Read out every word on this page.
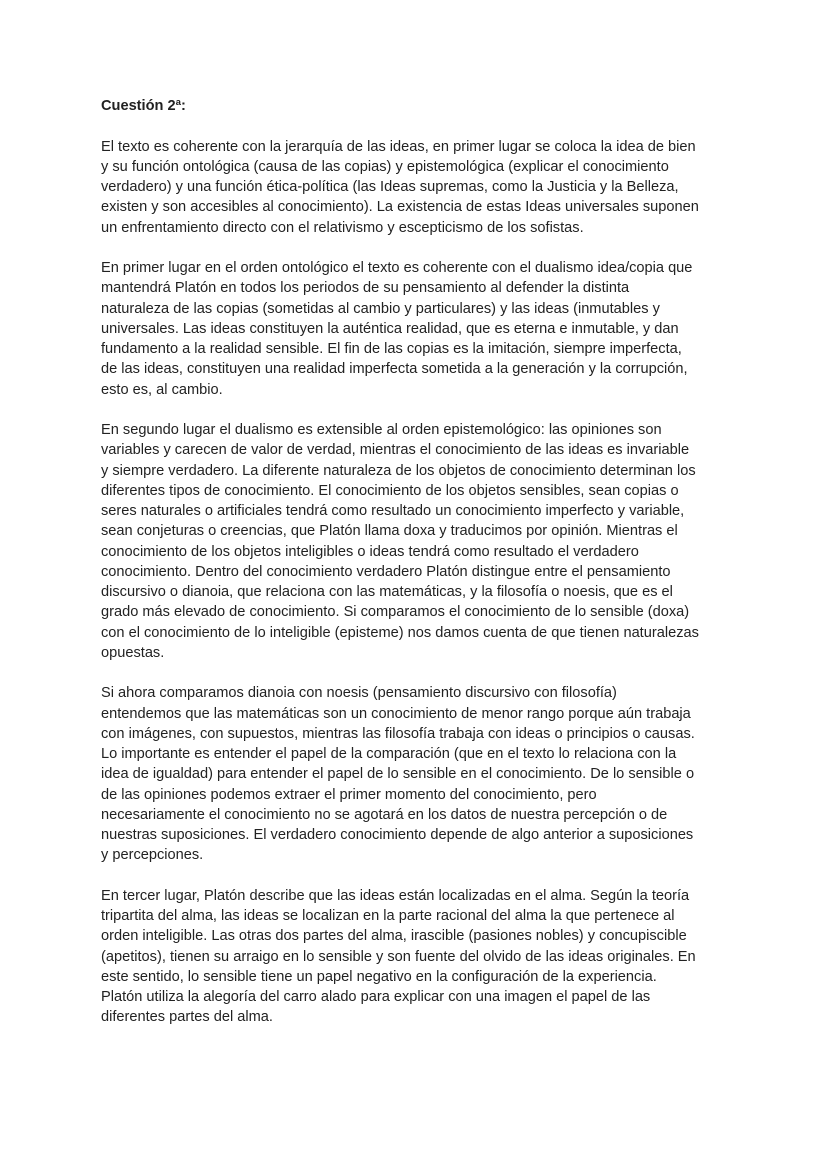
Cuestión 2ª:
El texto es coherente con la jerarquía de las ideas, en primer lugar se coloca la idea de bien
y su función ontológica (causa de las copias) y epistemológica (explicar el conocimiento
verdadero) y una función ética-política (las Ideas supremas, como la Justicia y la Belleza,
existen y son accesibles al conocimiento). La existencia de estas Ideas universales suponen
un enfrentamiento directo con el relativismo y escepticismo de los sofistas.
En primer lugar en el orden ontológico el texto es coherente con el dualismo idea/copia que
mantendrá Platón en todos los periodos de su pensamiento al defender la distinta
naturaleza de las copias (sometidas al cambio y particulares) y las ideas (inmutables y
universales. Las ideas constituyen la auténtica realidad, que es eterna e inmutable, y dan
fundamento a la realidad sensible. El fin de las copias es la imitación, siempre imperfecta,
de las ideas, constituyen una realidad imperfecta sometida a la generación y la corrupción,
esto es, al cambio.
En segundo lugar el dualismo es extensible al orden epistemológico: las opiniones son
variables y carecen de valor de verdad, mientras el conocimiento de las ideas es invariable
y siempre verdadero. La diferente naturaleza de los objetos de conocimiento determinan los
diferentes tipos de conocimiento. El conocimiento de los objetos sensibles, sean copias o
seres naturales o artificiales tendrá como resultado un conocimiento imperfecto y variable,
sean conjeturas o creencias, que Platón llama doxa y traducimos por opinión. Mientras el
conocimiento de los objetos inteligibles o ideas tendrá como resultado el verdadero
conocimiento. Dentro del conocimiento verdadero Platón distingue entre el pensamiento
discursivo o dianoia, que relaciona con las matemáticas, y la filosofía o noesis, que es el
grado más elevado de conocimiento. Si comparamos el conocimiento de lo sensible (doxa)
con el conocimiento de lo inteligible (episteme) nos damos cuenta de que tienen naturalezas
opuestas.
Si ahora comparamos dianoia con noesis (pensamiento discursivo con filosofía)
entendemos que las matemáticas son un conocimiento de menor rango porque aún trabaja
con imágenes, con supuestos, mientras las filosofía trabaja con ideas o principios o causas.
Lo importante es entender el papel de la comparación (que en el texto lo relaciona con la
idea de igualdad) para entender el papel de lo sensible en el conocimiento. De lo sensible o
de las opiniones podemos extraer el primer momento del conocimiento, pero
necesariamente el conocimiento no se agotará en los datos de nuestra percepción o de
nuestras suposiciones. El verdadero conocimiento depende de algo anterior a suposiciones
y percepciones.
En tercer lugar, Platón describe que las ideas están localizadas en el alma. Según la teoría
tripartita del alma, las ideas se localizan en la parte racional del alma la que pertenece al
orden inteligible. Las otras dos partes del alma, irascible (pasiones nobles) y concupiscible
(apetitos), tienen su arraigo en lo sensible y son fuente del olvido de las ideas originales. En
este sentido, lo sensible tiene un papel negativo en la configuración de la experiencia.
Platón utiliza la alegoría del carro alado para explicar con una imagen el papel de las
diferentes partes del alma.
